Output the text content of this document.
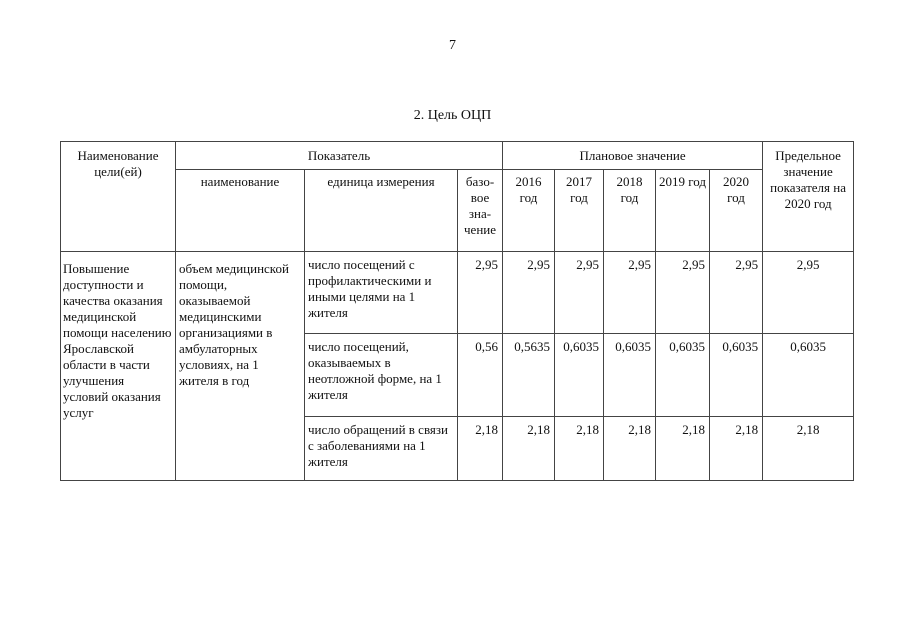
7
2. Цель ОЦП
Наименование цели(ей)	Показатель			Плановое значение					Предельное значение показателя на 2020 год
	наименование	единица измерения	базо- вое зна- чение	2016 год	2017 год	2018 год	2019 год	2020 год	
Повышение доступности и качества оказания медицинской помощи населению Ярославской области в части улучшения условий оказания услуг	объем медицинской помощи, оказываемой медицинскими организациями в амбулаторных условиях, на 1 жителя в год	число посещений с профилактическими и иными целями на 1 жителя	2,95	2,95	2,95	2,95	2,95	2,95	2,95
		число посещений, оказываемых в неотложной форме, на 1 жителя	0,56	0,5635	0,6035	0,6035	0,6035	0,6035	0,6035
		число обращений в связи с заболеваниями на 1 жителя	2,18	2,18	2,18	2,18	2,18	2,18	2,18
